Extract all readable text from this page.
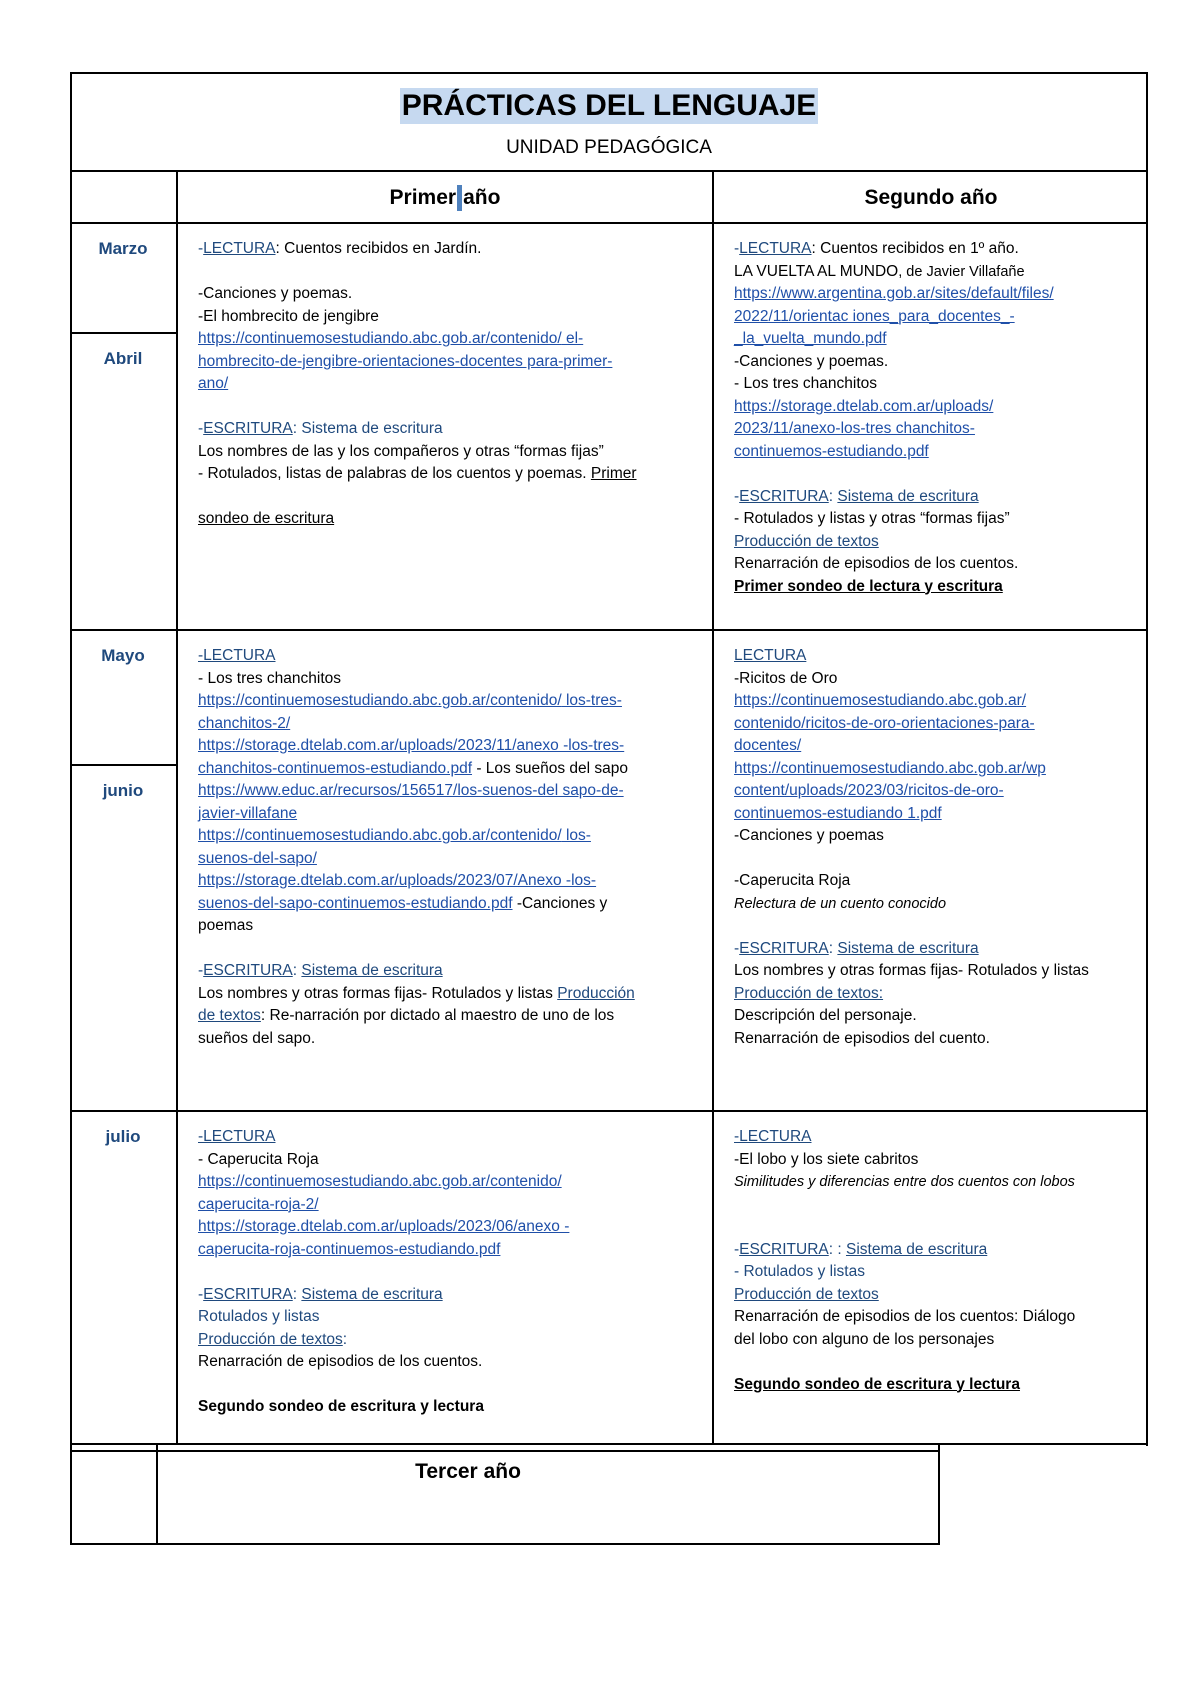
PRÁCTICAS DEL LENGUAJE
UNIDAD PEDAGÓGICA
Primer año	Segundo año
Tercer año
Marzo
Abril
Mayo
junio
julio
-LECTURA: Cuentos recibidos en Jardín.
-Canciones y poemas.
-El hombrecito de jengibre
https://continuemosestudiando.abc.gob.ar/contenido/ el-
hombrecito-de-jengibre-orientaciones-docentes para-primer-
ano/
-ESCRITURA: Sistema de escritura
Los nombres de las y los compañeros y otras “formas fijas”
- Rotulados, listas de palabras de los cuentos y poemas. Primer
sondeo de escritura
-LECTURA: Cuentos recibidos en 1º año.
LA VUELTA AL MUNDO, de Javier Villafañe
https://www.argentina.gob.ar/sites/default/files/
2022/11/orientac iones_para_docentes_-
_la_vuelta_mundo.pdf
-Canciones y poemas.
- Los tres chanchitos
https://storage.dtelab.com.ar/uploads/
2023/11/anexo-los-tres chanchitos-
continuemos-estudiando.pdf
-ESCRITURA: Sistema de escritura
- Rotulados y listas y otras “formas fijas”
Producción de textos
Renarración de episodios de los cuentos.
Primer sondeo de lectura y escritura
-LECTURA
- Los tres chanchitos
https://continuemosestudiando.abc.gob.ar/contenido/ los-tres-
chanchitos-2/
https://storage.dtelab.com.ar/uploads/2023/11/anexo -los-tres-
chanchitos-continuemos-estudiando.pdf - Los sueños del sapo
https://www.educ.ar/recursos/156517/los-suenos-del sapo-de-
javier-villafane
https://continuemosestudiando.abc.gob.ar/contenido/ los-
suenos-del-sapo/
https://storage.dtelab.com.ar/uploads/2023/07/Anexo -los-
suenos-del-sapo-continuemos-estudiando.pdf -Canciones y
poemas
-ESCRITURA: Sistema de escritura
Los nombres y otras formas fijas- Rotulados y listas Producción
de textos: Re-narración por dictado al maestro de uno de los
sueños del sapo.
LECTURA
-Ricitos de Oro
https://continuemosestudiando.abc.gob.ar/
contenido/ricitos-de-oro-orientaciones-para-
docentes/
https://continuemosestudiando.abc.gob.ar/wp
content/uploads/2023/03/ricitos-de-oro-
continuemos-estudiando 1.pdf
-Canciones y poemas
-Caperucita Roja
Relectura de un cuento conocido
-ESCRITURA: Sistema de escritura
Los nombres y otras formas fijas- Rotulados y listas
Producción de textos:
Descripción del personaje.
Renarración de episodios del cuento.
-LECTURA
- Caperucita Roja
https://continuemosestudiando.abc.gob.ar/contenido/
caperucita-roja-2/
https://storage.dtelab.com.ar/uploads/2023/06/anexo -
caperucita-roja-continuemos-estudiando.pdf
-ESCRITURA: Sistema de escritura
Rotulados y listas
Producción de textos:
Renarración de episodios de los cuentos.
Segundo sondeo de escritura y lectura
-LECTURA
-El lobo y los siete cabritos
Similitudes y diferencias entre dos cuentos con lobos
-ESCRITURA: : Sistema de escritura
- Rotulados y listas
Producción de textos
Renarración de episodios de los cuentos: Diálogo
del lobo con alguno de los personajes
Segundo sondeo de escritura y lectura
